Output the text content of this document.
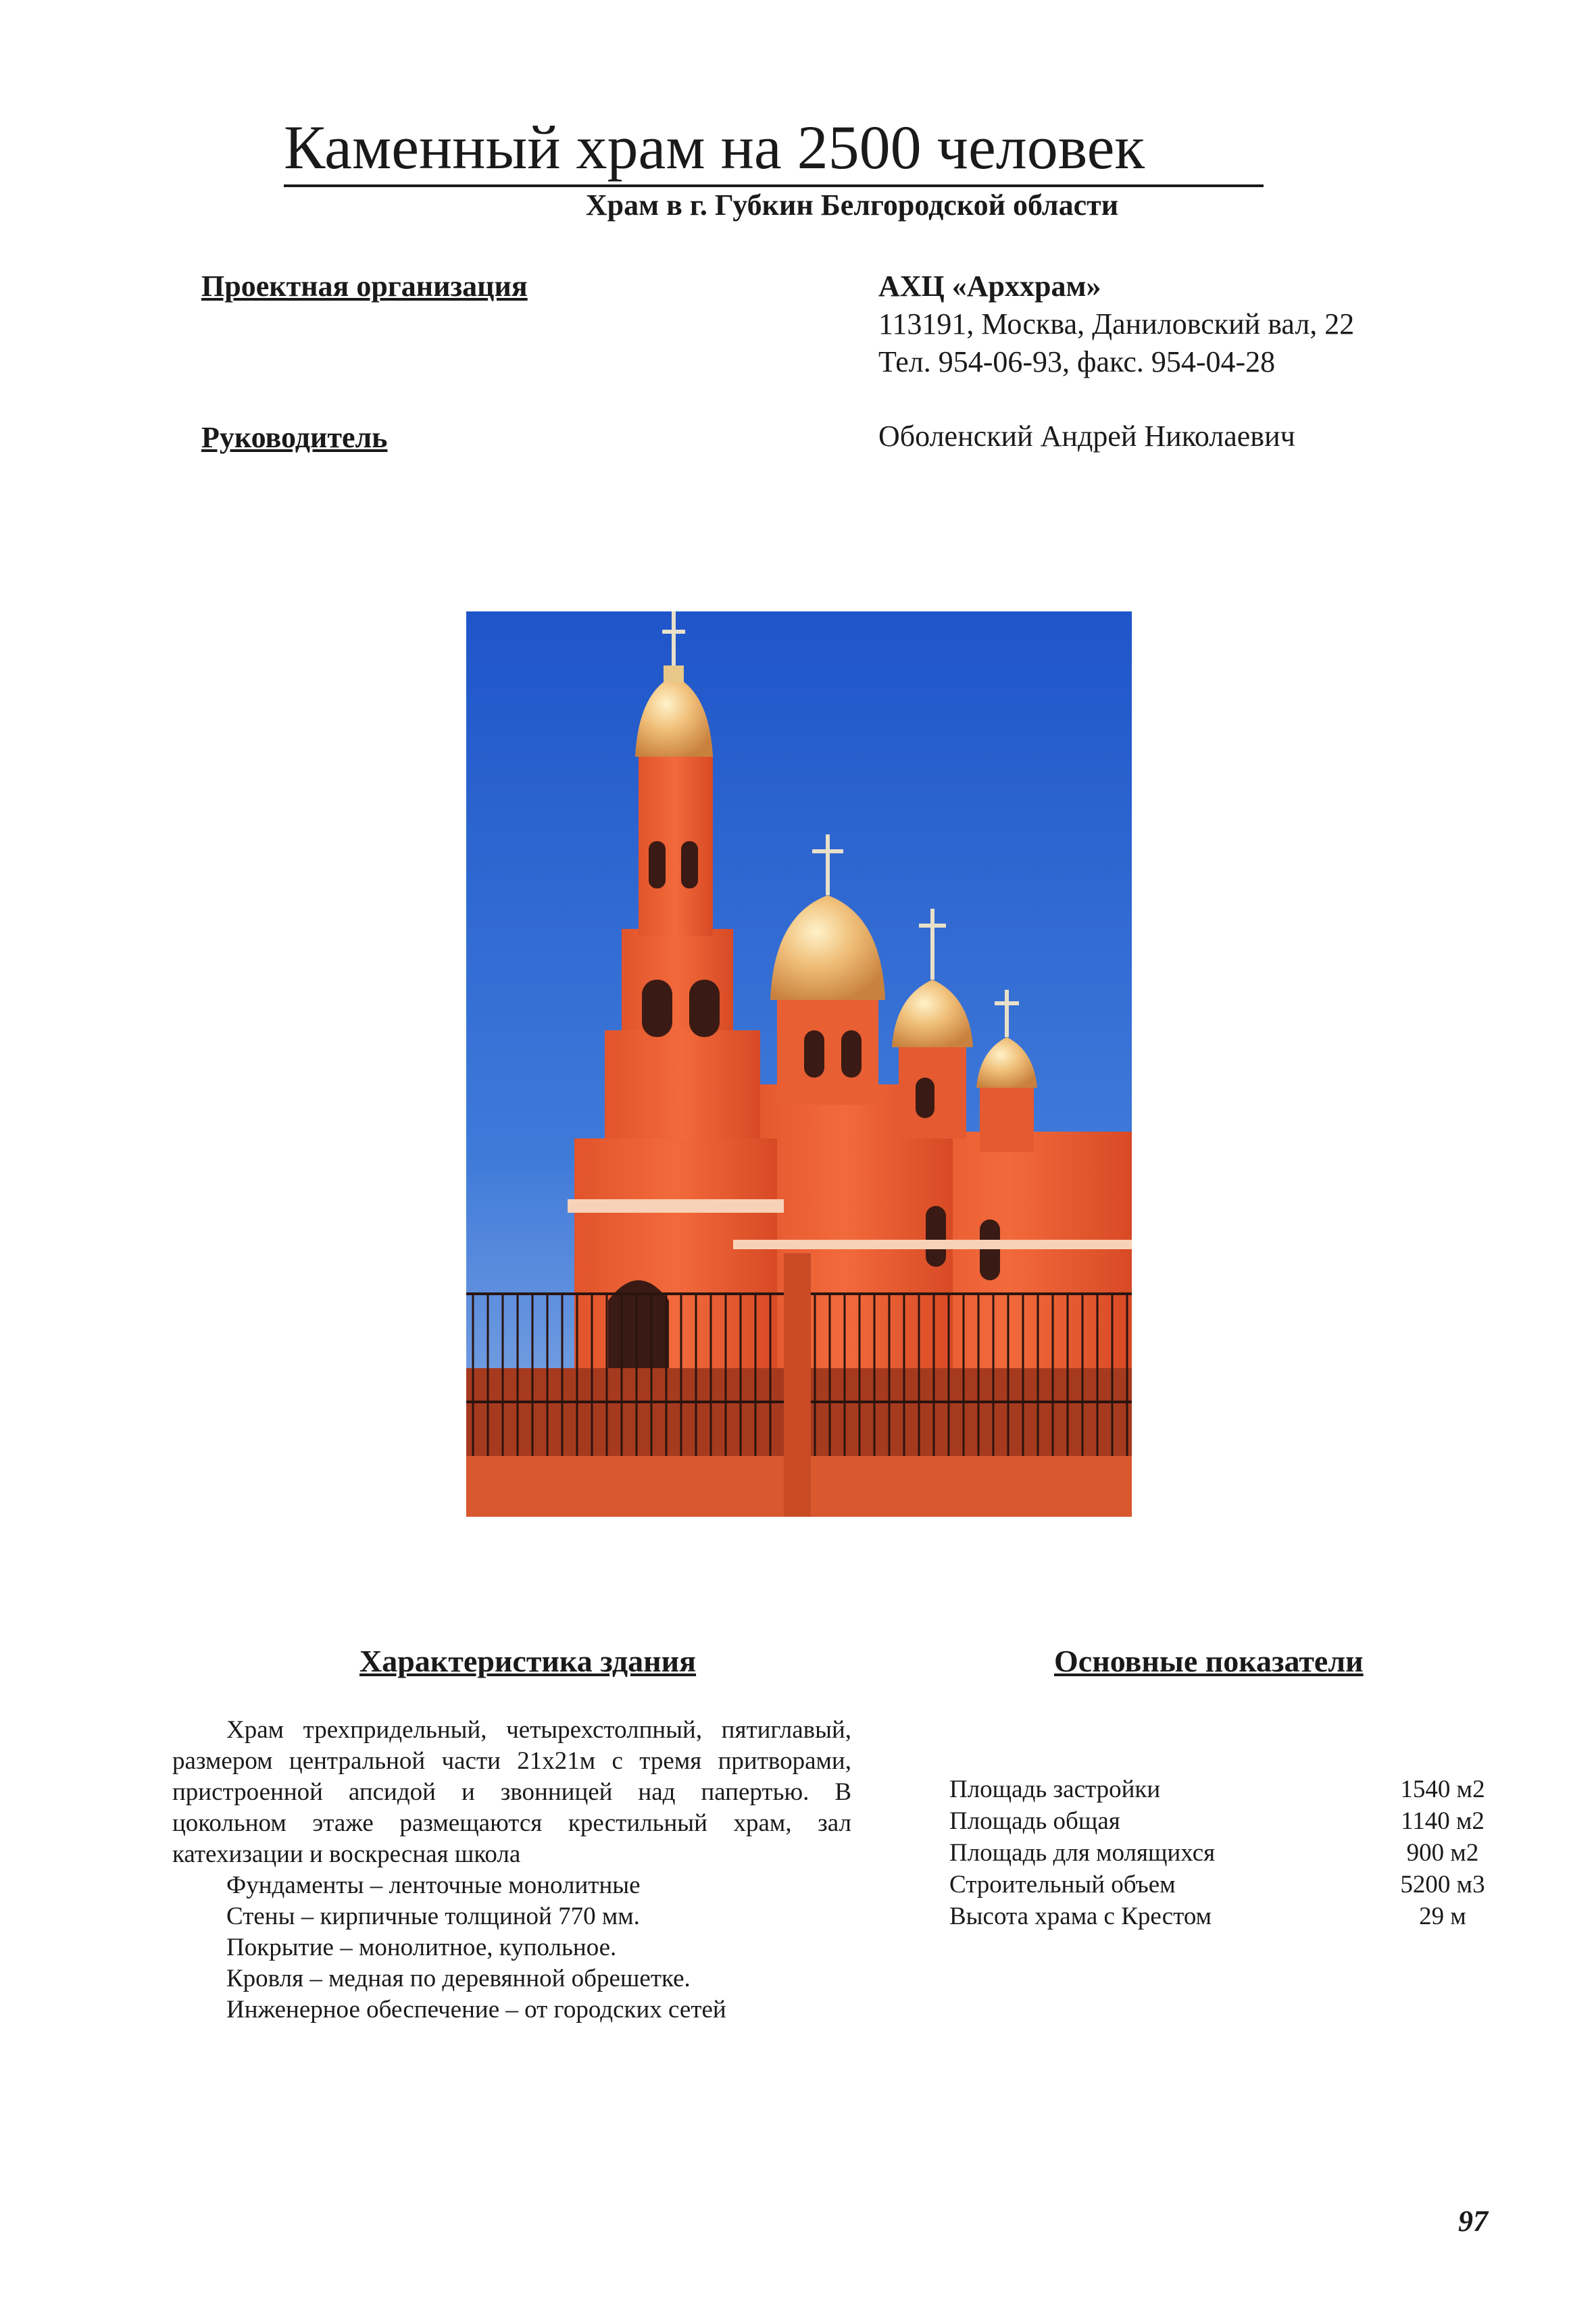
Каменный храм на 2500 человек
Храм в г. Губкин Белгородской области
Проектная организация	АХЦ «Арххрам»
113191, Москва, Даниловский вал, 22
Тел. 954-06-93, факс. 954-04-28
Руководитель	Оболенский Андрей Николаевич
Характеристика здания

Храм трехпридельный, четырехстолпный, пятиглавый, размером центральной части 21х21м с тремя притворами, пристроенной апсидой и звонницей над папертью. В цокольном этаже размещаются крестильный храм, зал катехизации и воскресная школа

Фундаменты – ленточные монолитные

Стены – кирпичные толщиной 770 мм.

Покрытие – монолитное, купольное.

Кровля – медная по деревянной обрешетке.

Инженерное обеспечение – от городских сетей

Основные показатели
Площадь застройки	1540 м2
Площадь общая	1140 м2
Площадь для молящихся	900 м2
Строительный объем	5200 м3
Высота храма с Крестом	29 м
97
